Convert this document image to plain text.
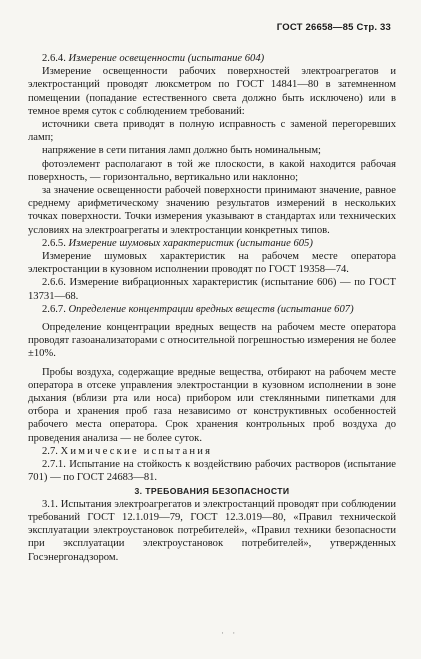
ГОСТ 26658—85 Стр. 33

2.6.4. Измерение освещенности (испытание 604)

Измерение освещенности рабочих поверхностей электроагрегатов и электростанций проводят люксметром по ГОСТ 14841—80 в затемненном помещении (попадание естественного света должно быть исключено) или в темное время суток с соблюдением требований:

источники света приводят в полную исправность с заменой перегоревших ламп;

напряжение в сети питания ламп должно быть номинальным;

фотоэлемент располагают в той же плоскости, в какой находится рабочая поверхность, — горизонтально, вертикально или наклонно;

за значение освещенности рабочей поверхности принимают значение, равное среднему арифметическому значению результатов измерений в нескольких точках поверхности. Точки измерения указывают в стандартах или технических условиях на электроагрегаты и электростанции конкретных типов.

2.6.5. Измерение шумовых характеристик (испытание 605)

Измерение шумовых характеристик на рабочем месте оператора электростанции в кузовном исполнении проводят по ГОСТ 19358—74.

2.6.6. Измерение вибрационных характеристик (испытание 606) — по ГОСТ 13731—68.

2.6.7. Определение концентрации вредных веществ (испытание 607)

Определение концентрации вредных веществ на рабочем месте оператора проводят газоанализаторами с относительной погрешностью измерения не более ±10%.

Пробы воздуха, содержащие вредные вещества, отбирают на рабочем месте оператора в отсеке управления электростанции в кузовном исполнении в зоне дыхания (вблизи рта или носа) прибором или стеклянными пипетками для отбора и хранения проб газа независимо от конструктивных особенностей рабочего места оператора. Срок хранения контрольных проб воздуха до проведения анализа — не более суток.

2.7. Химические испытания

2.7.1. Испытание на стойкость к воздействию рабочих растворов (испытание 701) — по ГОСТ 24683—81.

3. ТРЕБОВАНИЯ БЕЗОПАСНОСТИ

3.1. Испытания электроагрегатов и электростанций проводят при соблюдении требований ГОСТ 12.1.019—79, ГОСТ 12.3.019—80, «Правил технической эксплуатации электроустановок потребителей», «Правил техники безопасности при эксплуатации электроустановок потребителей», утвержденных Госэнергонадзором.

· ·
